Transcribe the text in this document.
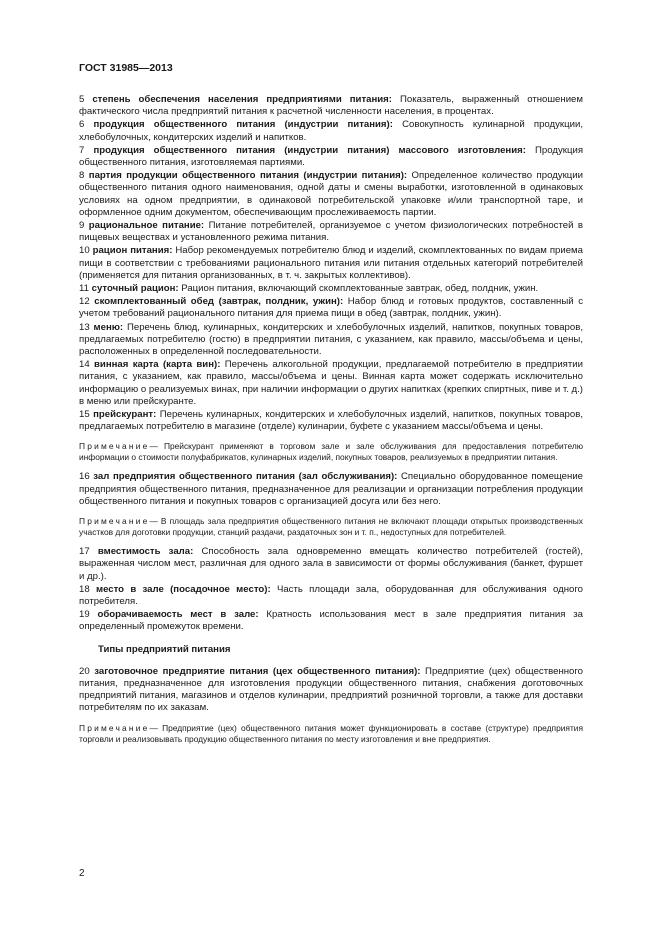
ГОСТ 31985—2013

5 степень обеспечения населения предприятиями питания: Показатель, выраженный отношением фактического числа предприятий питания к расчетной численности населения, в процентах.

6 продукция общественного питания (индустрии питания): Совокупность кулинарной продукции, хлебобулочных, кондитерских изделий и напитков.

7 продукция общественного питания (индустрии питания) массового изготовления: Продукция общественного питания, изготовляемая партиями.

8 партия продукции общественного питания (индустрии питания): Определенное количество продукции общественного питания одного наименования, одной даты и смены выработки, изготовленной в одинаковых условиях на одном предприятии, в одинаковой потребительской упаковке и/или транспортной таре, и оформленное одним документом, обеспечивающим прослеживаемость партии.

9 рациональное питание: Питание потребителей, организуемое с учетом физиологических потребностей в пищевых веществах и установленного режима питания.

10 рацион питания: Набор рекомендуемых потребителю блюд и изделий, скомплектованных по видам приема пищи в соответствии с требованиями рационального питания или питания отдельных категорий потребителей (применяется для питания организованных, в т. ч. закрытых коллективов).

11 суточный рацион: Рацион питания, включающий скомплектованные завтрак, обед, полдник, ужин.

12 скомплектованный обед (завтрак, полдник, ужин): Набор блюд и готовых продуктов, составленный с учетом требований рационального питания для приема пищи в обед (завтрак, полдник, ужин).

13 меню: Перечень блюд, кулинарных, кондитерских и хлебобулочных изделий, напитков, покупных товаров, предлагаемых потребителю (гостю) в предприятии питания, с указанием, как правило, массы/объема и цены, расположенных в определенной последовательности.

14 винная карта (карта вин): Перечень алкогольной продукции, предлагаемой потребителю в предприятии питания, с указанием, как правило, массы/объема и цены. Винная карта может содержать исключительно информацию о реализуемых винах, при наличии информации о других напитках (крепких спиртных, пиве и т. д.) в меню или прейскуранте.

15 прейскурант: Перечень кулинарных, кондитерских и хлебобулочных изделий, напитков, покупных товаров, предлагаемых потребителю в магазине (отделе) кулинарии, буфете с указанием массы/объема и цены.

Примечание— Прейскурант применяют в торговом зале и зале обслуживания для предоставления потребителю информации о стоимости полуфабрикатов, кулинарных изделий, покупных товаров, реализуемых в предприятии питания.

16 зал предприятия общественного питания (зал обслуживания): Специально оборудованное помещение предприятия общественного питания, предназначенное для реализации и организации потребления продукции общественного питания и покупных товаров с организацией досуга или без него.

Примечание— В площадь зала предприятия общественного питания не включают площади открытых производственных участков для доготовки продукции, станций раздачи, раздаточных зон и т. п., недоступных для потребителей.

17 вместимость зала: Способность зала одновременно вмещать количество потребителей (гостей), выраженная числом мест, различная для одного зала в зависимости от формы обслуживания (банкет, фуршет и др.).

18 место в зале (посадочное место): Часть площади зала, оборудованная для обслуживания одного потребителя.

19 оборачиваемость мест в зале: Кратность использования мест в зале предприятия питания за определенный промежуток времени.

Типы предприятий питания

20 заготовочное предприятие питания (цех общественного питания): Предприятие (цех) общественного питания, предназначенное для изготовления продукции общественного питания, снабжения доготовочных предприятий питания, магазинов и отделов кулинарии, предприятий розничной торговли, а также для доставки потребителям по их заказам.

Примечание— Предприятие (цех) общественного питания может функционировать в составе (структуре) предприятия торговли и реализовывать продукцию общественного питания по месту изготовления и вне предприятия.

2
